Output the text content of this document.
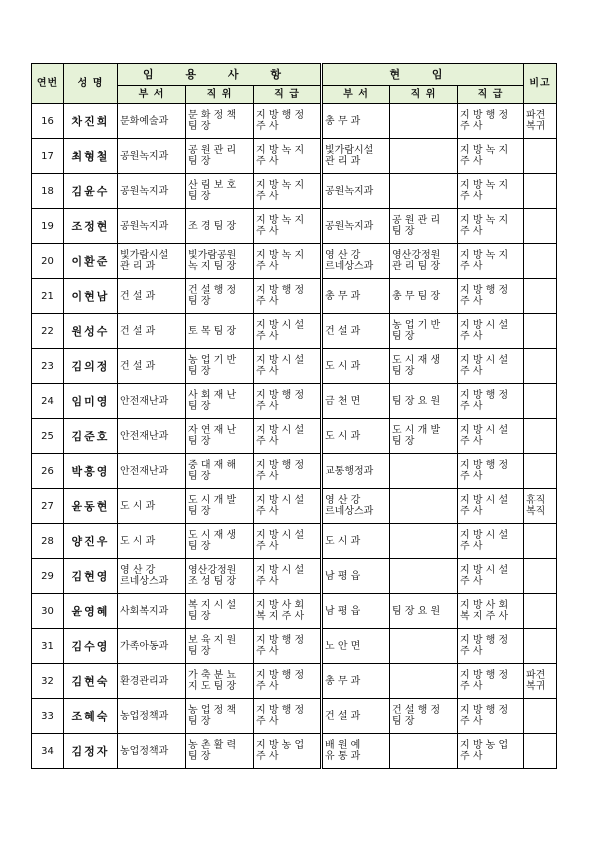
연번	성 명	임 용 사 항			현 임			비고
		부 서	직 위	직 급	부 서	직 위	직 급	
16	차진희	문화예술과	문 화 정 책
팀 장	지 방 행 정
주 사	총 무 과		지 방 행 정
주 사	파견
복귀
17	최형철	공원녹지과	공 원 관 리
팀 장	지 방 녹 지
주 사	빛가람시설
관 리 과		지 방 녹 지
주 사	
18	김윤수	공원녹지과	산 림 보 호
팀 장	지 방 녹 지
주 사	공원녹지과		지 방 녹 지
주 사	
19	조정현	공원녹지과	조 경 팀 장	지 방 녹 지
주 사	공원녹지과	공 원 관 리
팀 장	지 방 녹 지
주 사	
20	이환준	빛가람시설
관 리 과	빛가람공원
녹 지 팀 장	지 방 녹 지
주 사	영 산 강
르네상스과	영산강정원
관 리 팀 장	지 방 녹 지
주 사	
21	이현남	건 설 과	건 설 행 정
팀 장	지 방 행 정
주 사	총 무 과	총 무 팀 장	지 방 행 정
주 사	
22	원성수	건 설 과	토 목 팀 장	지 방 시 설
주 사	건 설 과	농 업 기 반
팀 장	지 방 시 설
주 사	
23	김의정	건 설 과	농 업 기 반
팀 장	지 방 시 설
주 사	도 시 과	도 시 재 생
팀 장	지 방 시 설
주 사	
24	임미영	안전재난과	사 회 재 난
팀 장	지 방 행 정
주 사	금 천 면	팀 장 요 원	지 방 행 정
주 사	
25	김준호	안전재난과	자 연 재 난
팀 장	지 방 시 설
주 사	도 시 과	도 시 개 발
팀 장	지 방 시 설
주 사	
26	박흥영	안전재난과	중 대 재 해
팀 장	지 방 행 정
주 사	교통행정과		지 방 행 정
주 사	
27	윤동현	도 시 과	도 시 개 발
팀 장	지 방 시 설
주 사	영 산 강
르네상스과		지 방 시 설
주 사	휴직
복직
28	양진우	도 시 과	도 시 재 생
팀 장	지 방 시 설
주 사	도 시 과		지 방 시 설
주 사	
29	김현영	영 산 강
르네상스과	영산강정원
조 성 팀 장	지 방 시 설
주 사	남 평 읍		지 방 시 설
주 사	
30	윤영혜	사회복지과	복 지 시 설
팀 장	지 방 사 회
복 지 주 사	남 평 읍	팀 장 요 원	지 방 사 회
복 지 주 사	
31	김수영	가족아동과	보 육 지 원
팀 장	지 방 행 정
주 사	노 안 면		지 방 행 정
주 사	
32	김현숙	환경관리과	가 축 분 뇨
지 도 팀 장	지 방 행 정
주 사	총 무 과		지 방 행 정
주 사	파견
복귀
33	조혜숙	농업정책과	농 업 정 책
팀 장	지 방 행 정
주 사	건 설 과	건 설 행 정
팀 장	지 방 행 정
주 사	
34	김정자	농업정책과	농 촌 활 력
팀 장	지 방 농 업
주 사	배 원 예
유 통 과		지 방 농 업
주 사	
